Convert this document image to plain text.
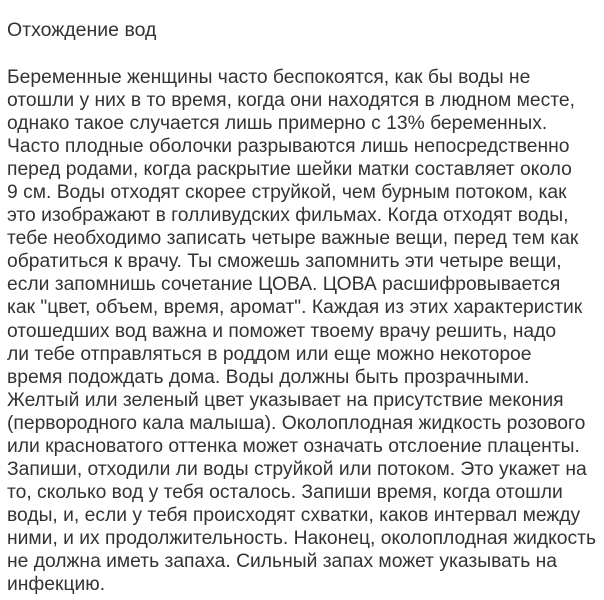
Отхождение вод
Беременные женщины часто беспокоятся, как бы воды не
отошли у них в то время, когда они находятся в людном месте,
однако такое случается лишь примерно с 13% беременных.
Часто плодные оболочки разрываются лишь непосредственно
перед родами, когда раскрытие шейки матки составляет около
9 см. Воды отходят скорее струйкой, чем бурным потоком, как
это изображают в голливудских фильмах. Когда отходят воды,
тебе необходимо записать четыре важные вещи, перед тем как
обратиться к врачу. Ты сможешь запомнить эти четыре вещи,
если запомнишь сочетание ЦОВА. ЦОВА расшифровывается
как "цвет, объем, время, аромат". Каждая из этих характеристик
отошедших вод важна и поможет твоему врачу решить, надо
ли тебе отправляться в роддом или еще можно некоторое
время подождать дома. Воды должны быть прозрачными.
Желтый или зеленый цвет указывает на присутствие мекония
(первородного кала малыша). Околоплодная жидкость розового
или красноватого оттенка может означать отслоение плаценты.
Запиши, отходили ли воды струйкой или потоком. Это укажет на
то, сколько вод у тебя осталось. Запиши время, когда отошли
воды, и, если у тебя происходят схватки, каков интервал между
ними, и их продолжительность. Наконец, околоплодная жидкость
не должна иметь запаха. Сильный запах может указывать на
инфекцию.
